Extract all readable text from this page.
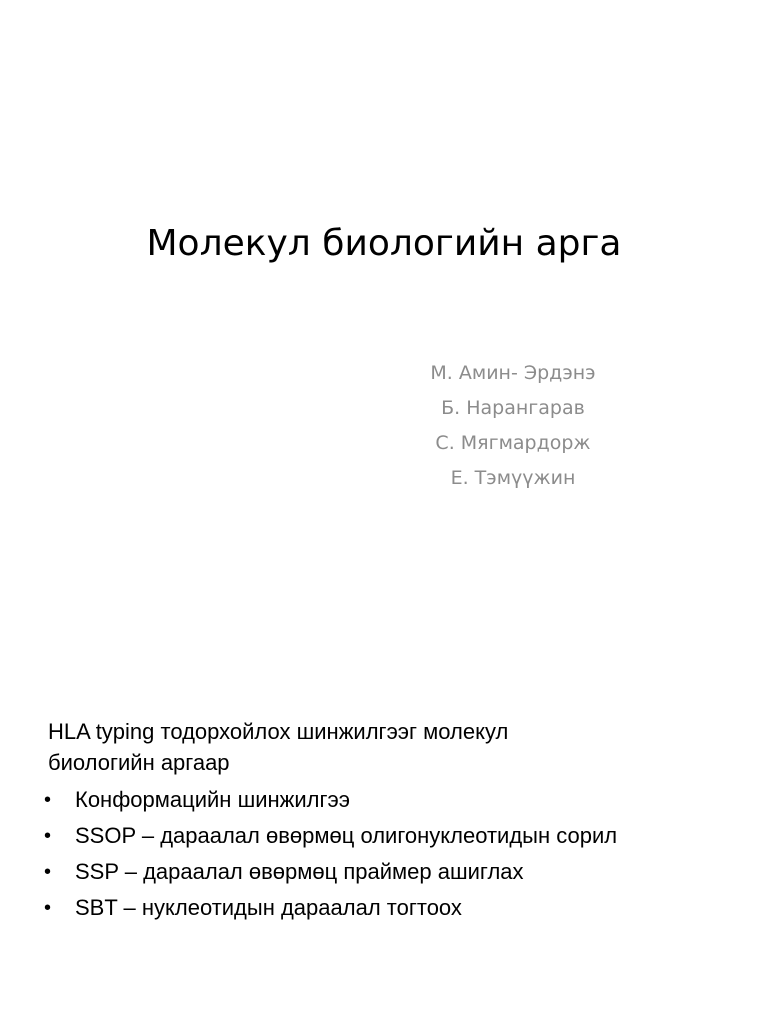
Молекул биологийн арга
М. Амин- Эрдэнэ
Б. Нарангарав
С. Мягмардорж
Е. Тэмүүжин

HLA typing тодорхойлох шинжилгээг молекул
биологийн аргаар

•	Конформацийн шинжилгээ
•	SSOP – дараалал өвөрмөц олигонуклеотидын сорил
•	SSP – дараалал өвөрмөц праймер ашиглах
•	SBT – нуклеотидын дараалал тогтоох
